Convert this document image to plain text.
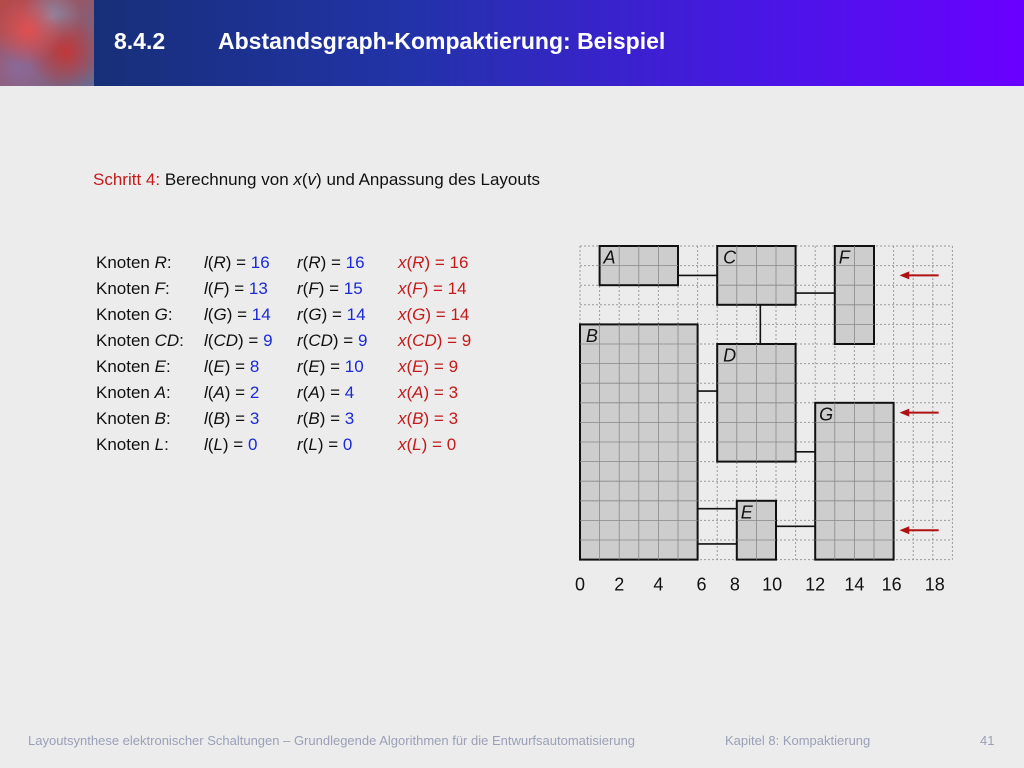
8.4.2 Abstandsgraph-Kompaktierung: Beispiel
Schritt 4: Berechnung von x(v) und Anpassung des Layouts
Knoten R: l(R) = 16 r(R) = 16 x(R) = 16
Knoten F: l(F) = 13 r(F) = 15 x(F) = 14
Knoten G: l(G) = 14 r(G) = 14 x(G) = 14
Knoten CD: l(CD) = 9 r(CD) = 9 x(CD) = 9
Knoten E: l(E) = 8 r(E) = 10 x(E) = 9
Knoten A: l(A) = 2 r(A) = 4	x(A) = 3
Knoten B: l(B) = 3 r(B) = 3	x(B) = 3
Knoten L: l(L) = 0 r(L) = 0	x(L) = 0
A
B
C
D
E
F
G
0 2 4 6 8 10 12 14 16 18
Layoutsynthese elektronischer Schaltungen – Grundlegende Algorithmen für die Entwurfsautomatisierung	Kapitel 8: Kompaktierung	41
